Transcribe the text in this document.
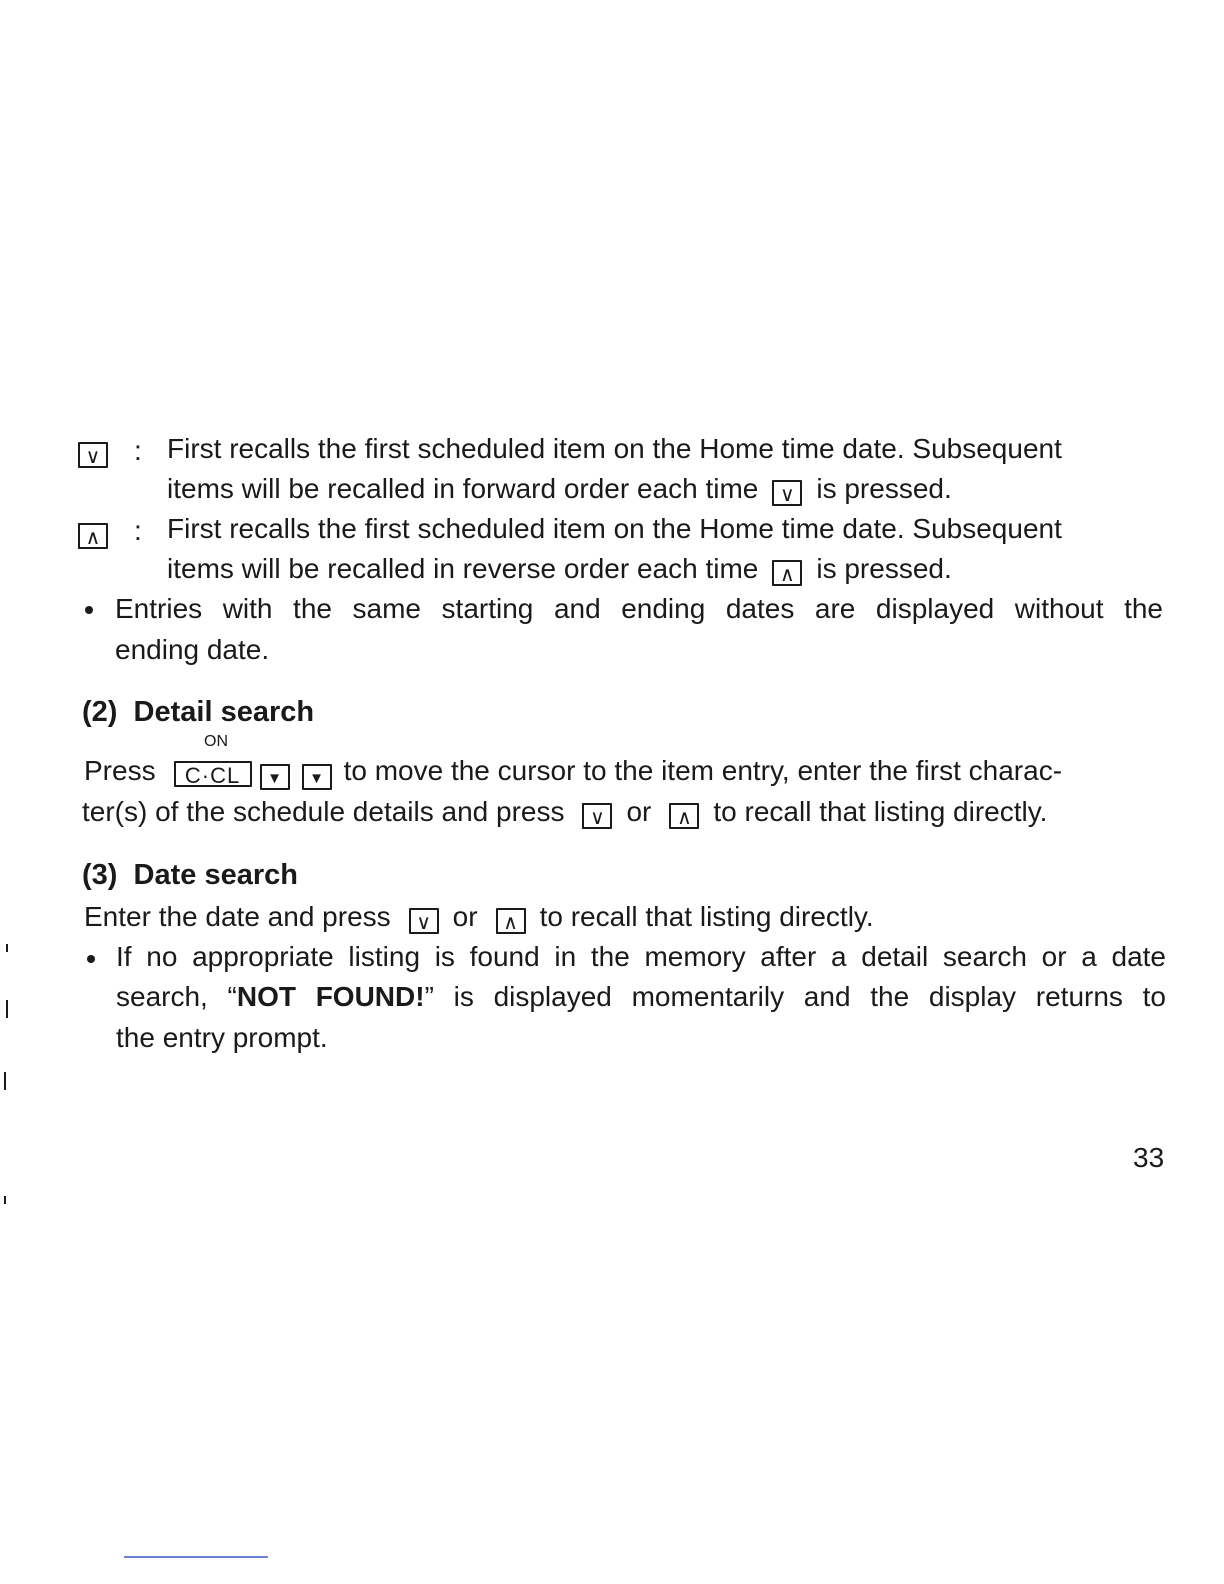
∨ : First recalls the first scheduled item on the Home time date. Subsequent
items will be recalled in forward order each time ∨ is pressed.
∧ : First recalls the first scheduled item on the Home time date. Subsequent
items will be recalled in reverse order each time ∧ is pressed.
Entries with the same starting and ending dates are displayed without the
ending date.
(2)  Detail search
ON
Press C·CL ▼ ▼ to move the cursor to the item entry, enter the first charac-
ter(s) of the schedule details and press ∨ or ∧ to recall that listing directly.
(3)  Date search
Enter the date and press ∨ or ∧ to recall that listing directly.
If no appropriate listing is found in the memory after a detail search or a date
search, “NOT FOUND!” is displayed momentarily and the display returns to
the entry prompt.
33
